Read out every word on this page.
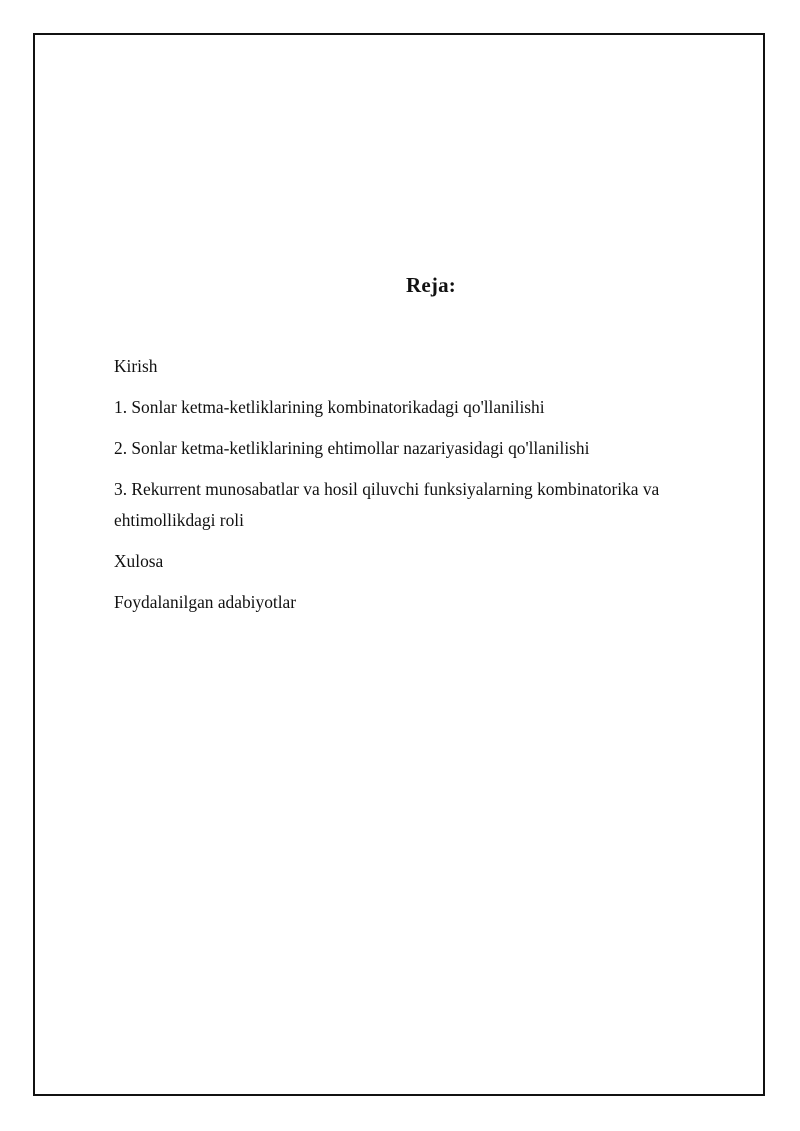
Reja:
Kirish
1. Sonlar ketma-ketliklarining kombinatorikadagi qo'llanilishi
2. Sonlar ketma-ketliklarining ehtimollar nazariyasidagi qo'llanilishi
3. Rekurrent munosabatlar va hosil qiluvchi funksiyalarning kombinatorika va ehtimollikdagi roli
Xulosa
Foydalanilgan adabiyotlar
